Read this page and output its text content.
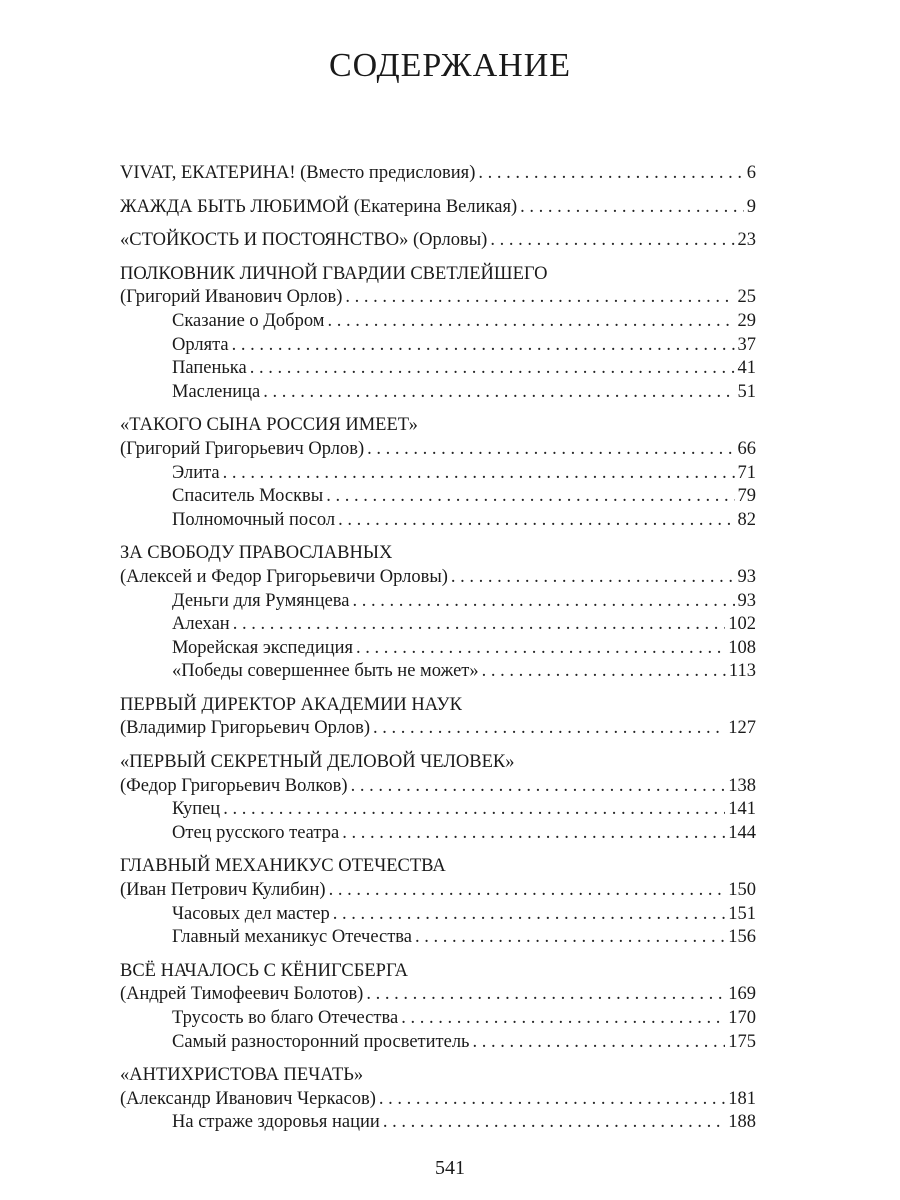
СОДЕРЖАНИЕ
VIVAT, ЕКАТЕРИНА! (Вместо предисловия) . . .	6
ЖАЖДА БЫТЬ ЛЮБИМОЙ (Екатерина Великая) . . .	9
«СТОЙКОСТЬ И ПОСТОЯНСТВО» (Орловы) . . .	23
ПОЛКОВНИК ЛИЧНОЙ ГВАРДИИ СВЕТЛЕЙШЕГО
(Григорий Иванович Орлов) . . .	25
Сказание о Добром . . .	29
Орлята . . .	37
Папенька . . .	41
Масленица . . .	51
«ТАКОГО СЫНА РОССИЯ ИМЕЕТ»
(Григорий Григорьевич Орлов) . . .	66
Элита . . .	71
Спаситель Москвы . . .	79
Полномочный посол . . .	82
ЗА СВОБОДУ ПРАВОСЛАВНЫХ
(Алексей и Федор Григорьевичи Орловы) . . .	93
Деньги для Румянцева . . .	93
Алехан . . .	102
Морейская экспедиция . . .	108
«Победы совершеннее быть не может» . . .	113
ПЕРВЫЙ ДИРЕКТОР АКАДЕМИИ НАУК
(Владимир Григорьевич Орлов) . . .	127
«ПЕРВЫЙ СЕКРЕТНЫЙ ДЕЛОВОЙ ЧЕЛОВЕК»
(Федор Григорьевич Волков) . . .	138
Купец . . .	141
Отец русского театра . . .	144
ГЛАВНЫЙ МЕХАНИКУС ОТЕЧЕСТВА
(Иван Петрович Кулибин) . . .	150
Часовых дел мастер . . .	151
Главный механикус Отечества . . .	156
ВСЁ НАЧАЛОСЬ С КЁНИГСБЕРГА
(Андрей Тимофеевич Болотов) . . .	169
Трусость во благо Отечества . . .	170
Самый разносторонний просветитель . . .	175
«АНТИХРИСТОВА ПЕЧАТЬ»
(Александр Иванович Черкасов) . . .	181
На страже здоровья нации . . .	188
541
